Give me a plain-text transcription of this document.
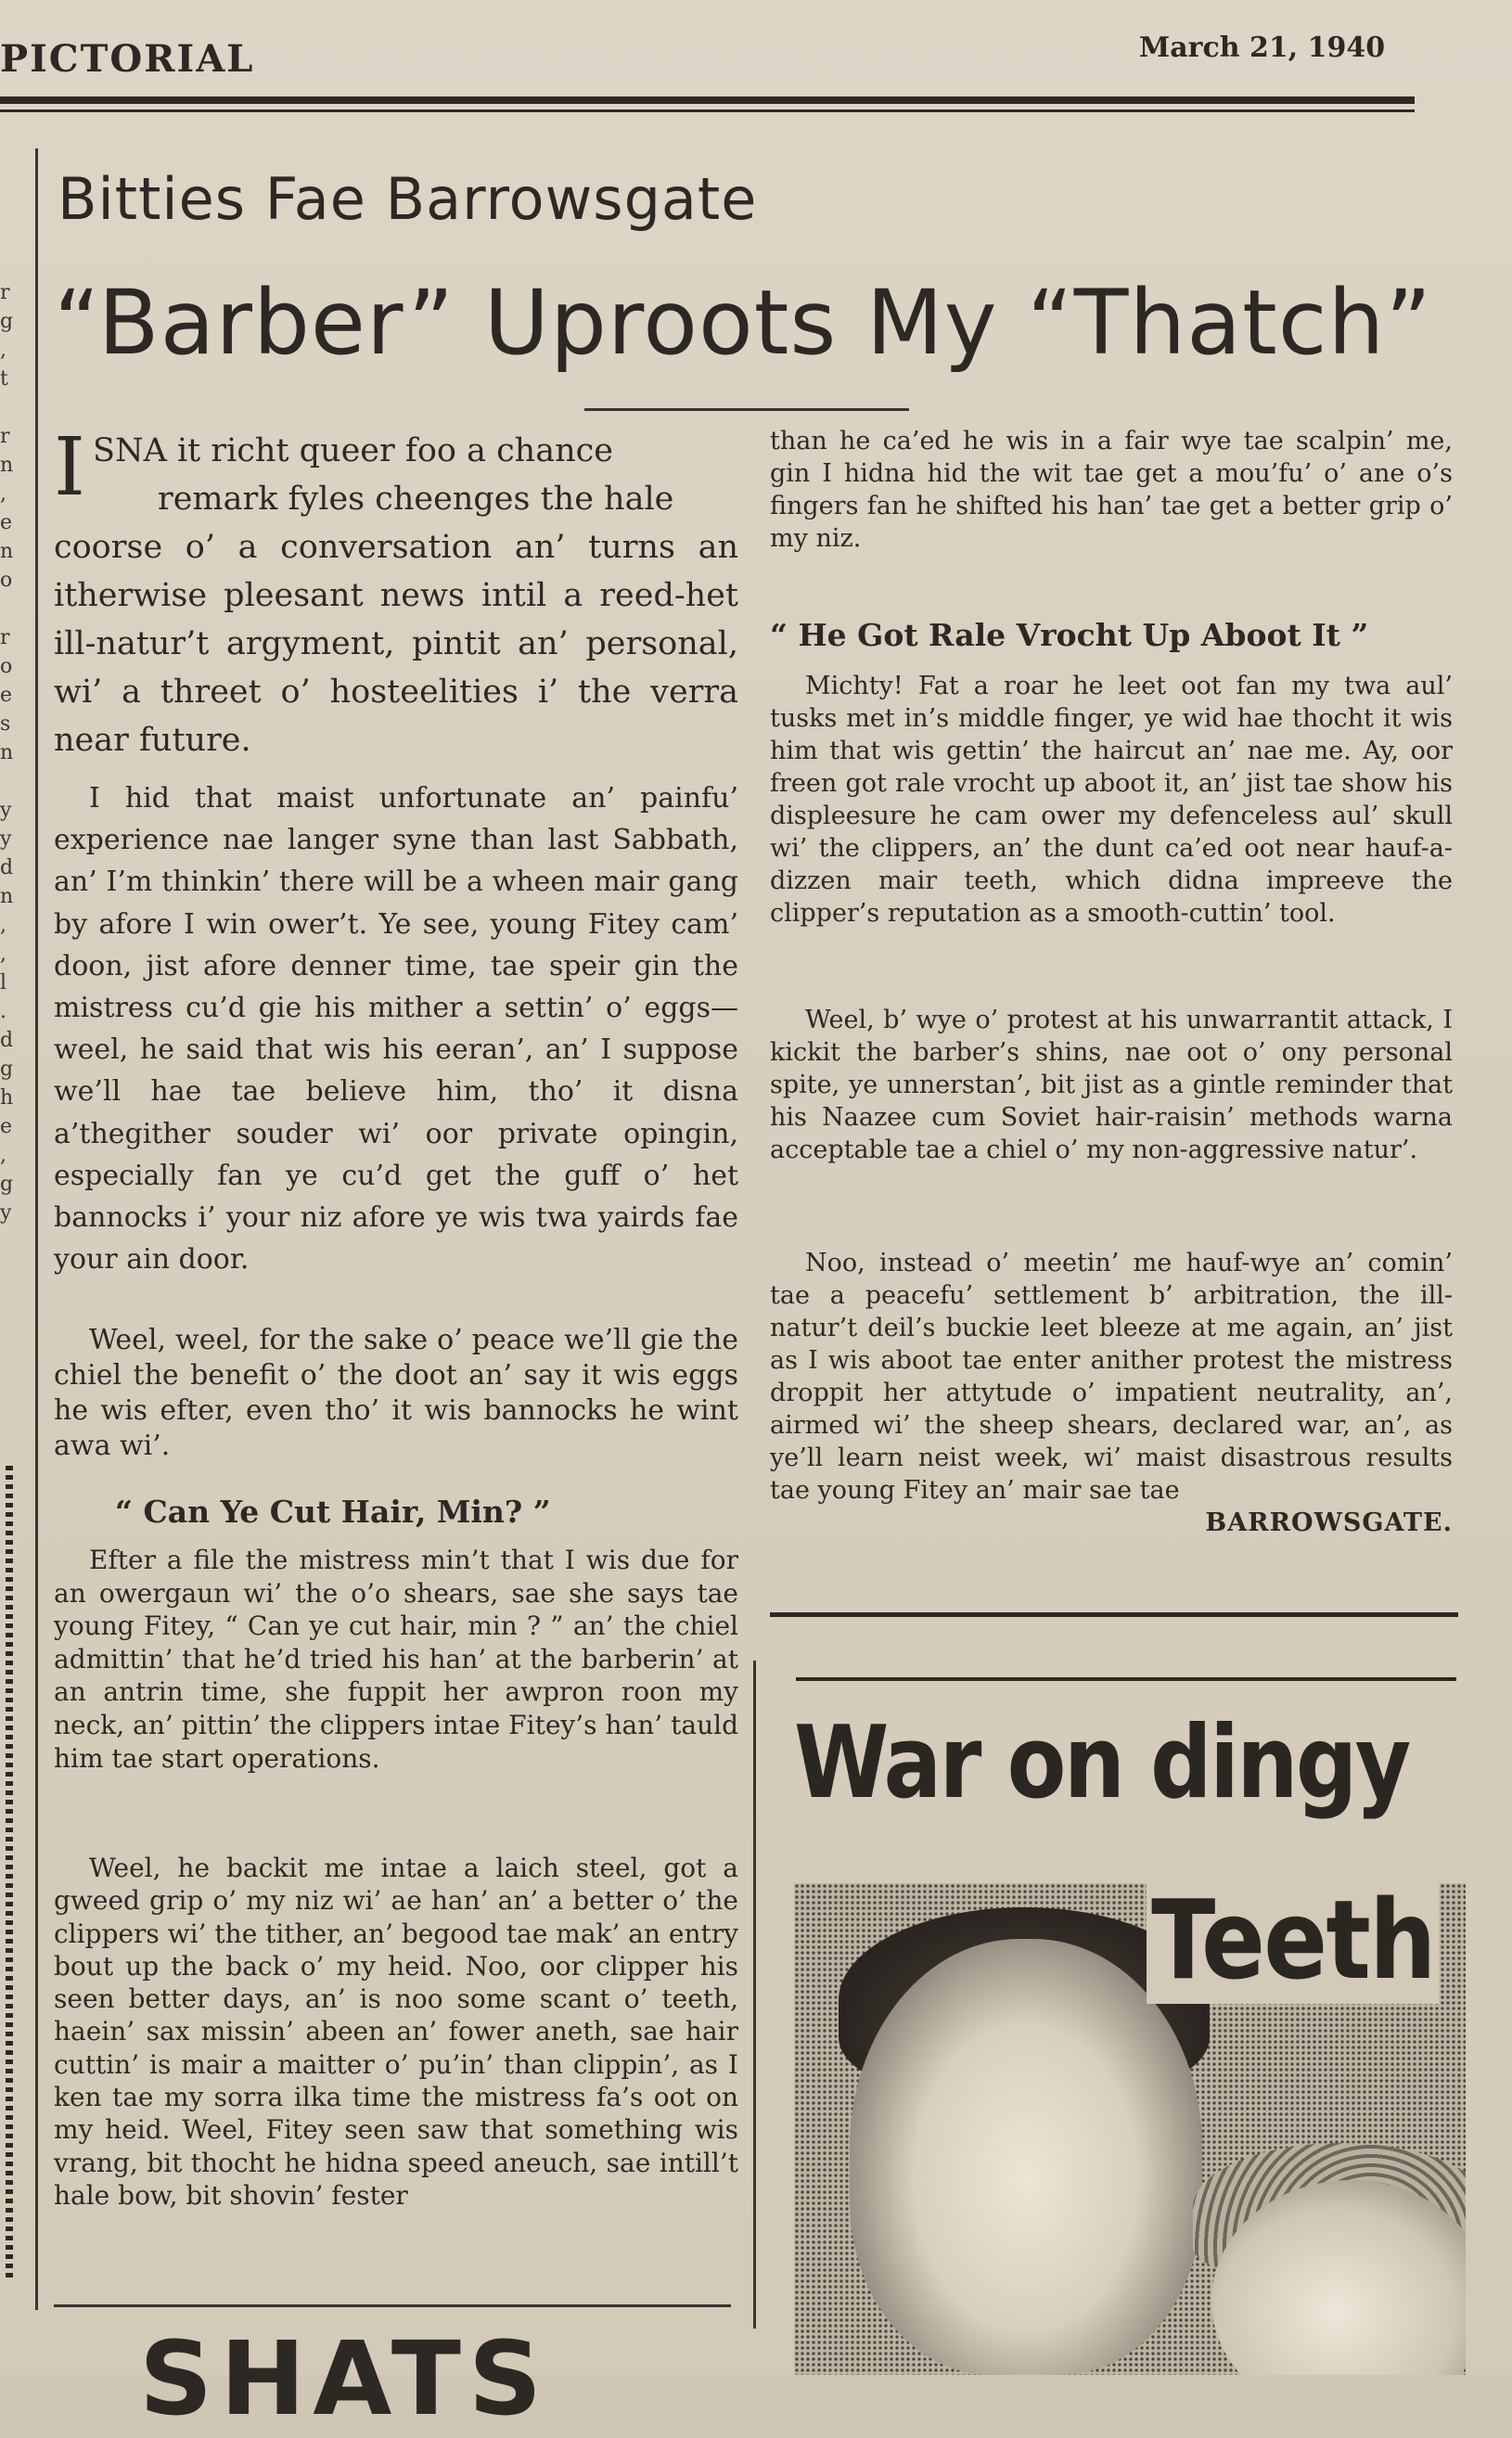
PICTORIAL	March 21, 1940
r
g
,
t
r
n
,
e
n
o
r
o
e
s
n
y
y
d
n
,
,
l
.
d
g
h
e
,
g
y
Bitties Fae Barrowsgate
“Barber” Uproots My “Thatch”
I SNA it richt queer foo a chance

remark fyles cheenges the hale

coorse o’ a conversation an’ turns an itherwise pleesant news intil a reed-het ill-natur’t argyment, pintit an’ personal, wi’ a threet o’ hosteelities i’ the verra near future.

I hid that maist unfortunate an’ painfu’ experience nae langer syne than last Sabbath, an’ I’m thinkin’ there will be a wheen mair gang by afore I win ower’t. Ye see, young Fitey cam’ doon, jist afore denner time, tae speir gin the mistress cu’d gie his mither a settin’ o’ eggs—weel, he said that wis his eeran’, an’ I suppose we’ll hae tae believe him, tho’ it disna a’thegither souder wi’ oor private opingin, especially fan ye cu’d get the guff o’ het bannocks i’ your niz afore ye wis twa yairds fae your ain door.

Weel, weel, for the sake o’ peace we’ll gie the chiel the benefit o’ the doot an’ say it wis eggs he wis efter, even tho’ it wis bannocks he wint awa wi’.

“ Can Ye Cut Hair, Min? ”

Efter a file the mistress min’t that I wis due for an owergaun wi’ the o’o shears, sae she says tae young Fitey, “ Can ye cut hair, min ? ” an’ the chiel admittin’ that he’d tried his han’ at the barberin’ at an antrin time, she fuppit her awpron roon my neck, an’ pittin’ the clippers intae Fitey’s han’ tauld him tae start operations.

Weel, he backit me intae a laich steel, got a gweed grip o’ my niz wi’ ae han’ an’ a better o’ the clippers wi’ the tither, an’ begood tae mak’ an entry bout up the back o’ my heid. Noo, oor clipper his seen better days, an’ is noo some scant o’ teeth, haein’ sax missin’ abeen an’ fower aneth, sae hair cuttin’ is mair a maitter o’ pu’in’ than clippin’, as I ken tae my sorra ilka time the mistress fa’s oot on my heid. Weel, Fitey seen saw that something wis vrang, bit thocht he hidna speed aneuch, sae intill’t hale bow, bit shovin’ fester

than he ca’ed he wis in a fair wye tae scalpin’ me, gin I hidna hid the wit tae get a mou’fu’ o’ ane o’s fingers fan he shifted his han’ tae get a better grip o’ my niz.

“ He Got Rale Vrocht Up Aboot It ”

Michty! Fat a roar he leet oot fan my twa aul’ tusks met in’s middle finger, ye wid hae thocht it wis him that wis gettin’ the haircut an’ nae me. Ay, oor freen got rale vrocht up aboot it, an’ jist tae show his displeesure he cam ower my defenceless aul’ skull wi’ the clippers, an’ the dunt ca’ed oot near hauf-a-dizzen mair teeth, which didna impreeve the clipper’s reputation as a smooth-cuttin’ tool.

Weel, b’ wye o’ protest at his unwarrantit attack, I kickit the barber’s shins, nae oot o’ ony personal spite, ye unnerstan’, bit jist as a gintle reminder that his Naazee cum Soviet hair-raisin’ methods warna acceptable tae a chiel o’ my non-aggressive natur’.

Noo, instead o’ meetin’ me hauf-wye an’ comin’ tae a peacefu’ settlement b’ arbitration, the ill-natur’t deil’s buckie leet bleeze at me again, an’ jist as I wis aboot tae enter anither protest the mistress droppit her attytude o’ impatient neutrality, an’, airmed wi’ the sheep shears, declared war, an’, as ye’ll learn neist week, wi’ maist disastrous results tae young Fitey an’ mair sae tae
BARROWSGATE.

SHATS
War on dingy
Teeth
